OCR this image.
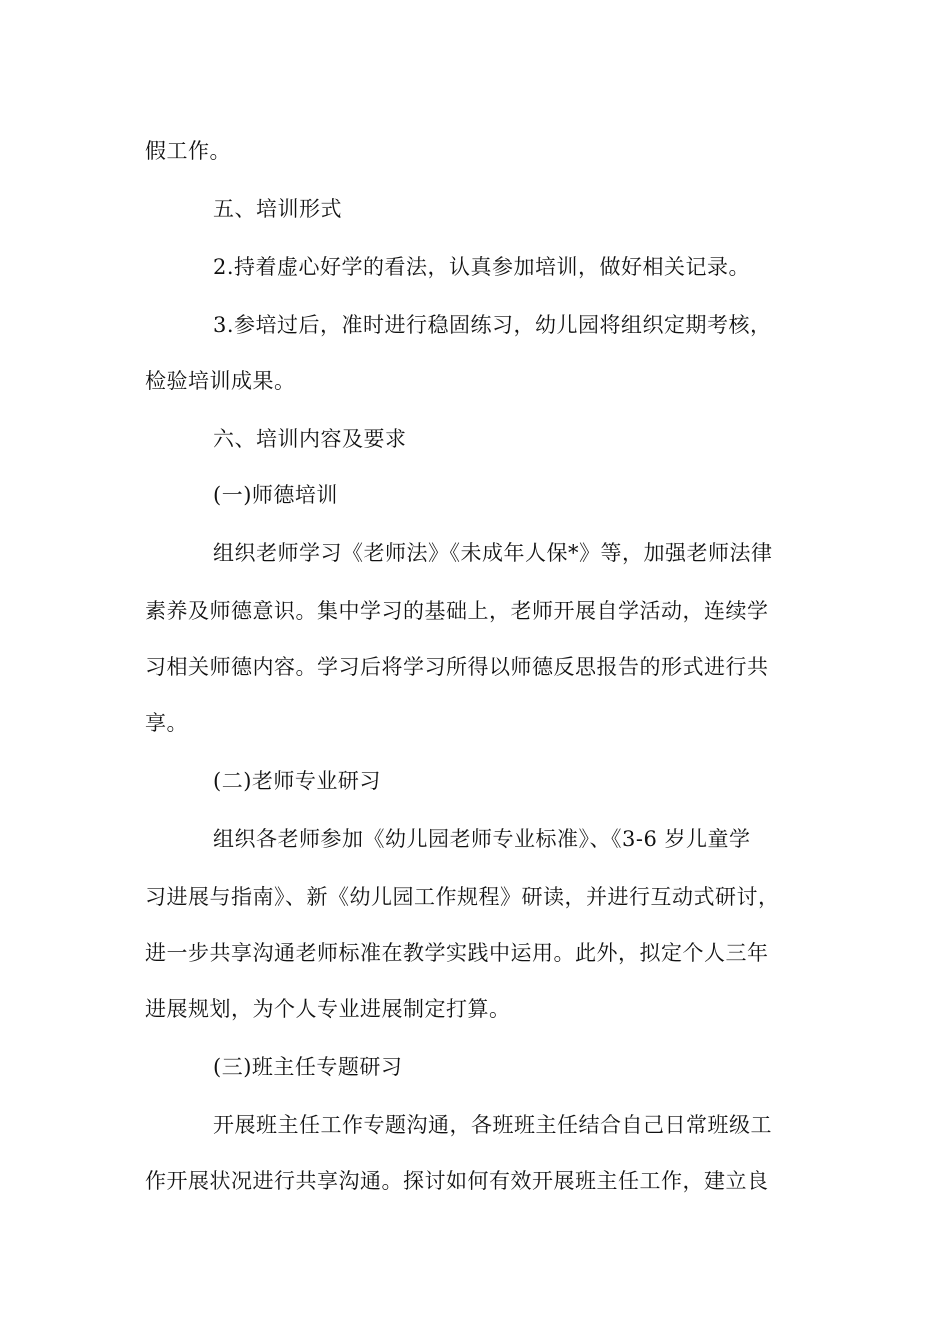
假工作。
五、培训形式
2.持着虚心好学的看法，认真参加培训，做好相关记录。
3.参培过后，准时进行稳固练习，幼儿园将组织定期考核，
检验培训成果。
六、培训内容及要求
(一)师德培训
组织老师学习《老师法》《未成年人保*》等，加强老师法律
素养及师德意识。集中学习的基础上，老师开展自学活动，连续学
习相关师德内容。学习后将学习所得以师德反思报告的形式进行共
享。
(二)老师专业研习
组织各老师参加《幼儿园老师专业标准》、《3-6 岁儿童学
习进展与指南》、新《幼儿园工作规程》研读，并进行互动式研讨，
进一步共享沟通老师标准在教学实践中运用。此外，拟定个人三年
进展规划，为个人专业进展制定打算。
(三)班主任专题研习
开展班主任工作专题沟通，各班班主任结合自己日常班级工
作开展状况进行共享沟通。探讨如何有效开展班主任工作，建立良
